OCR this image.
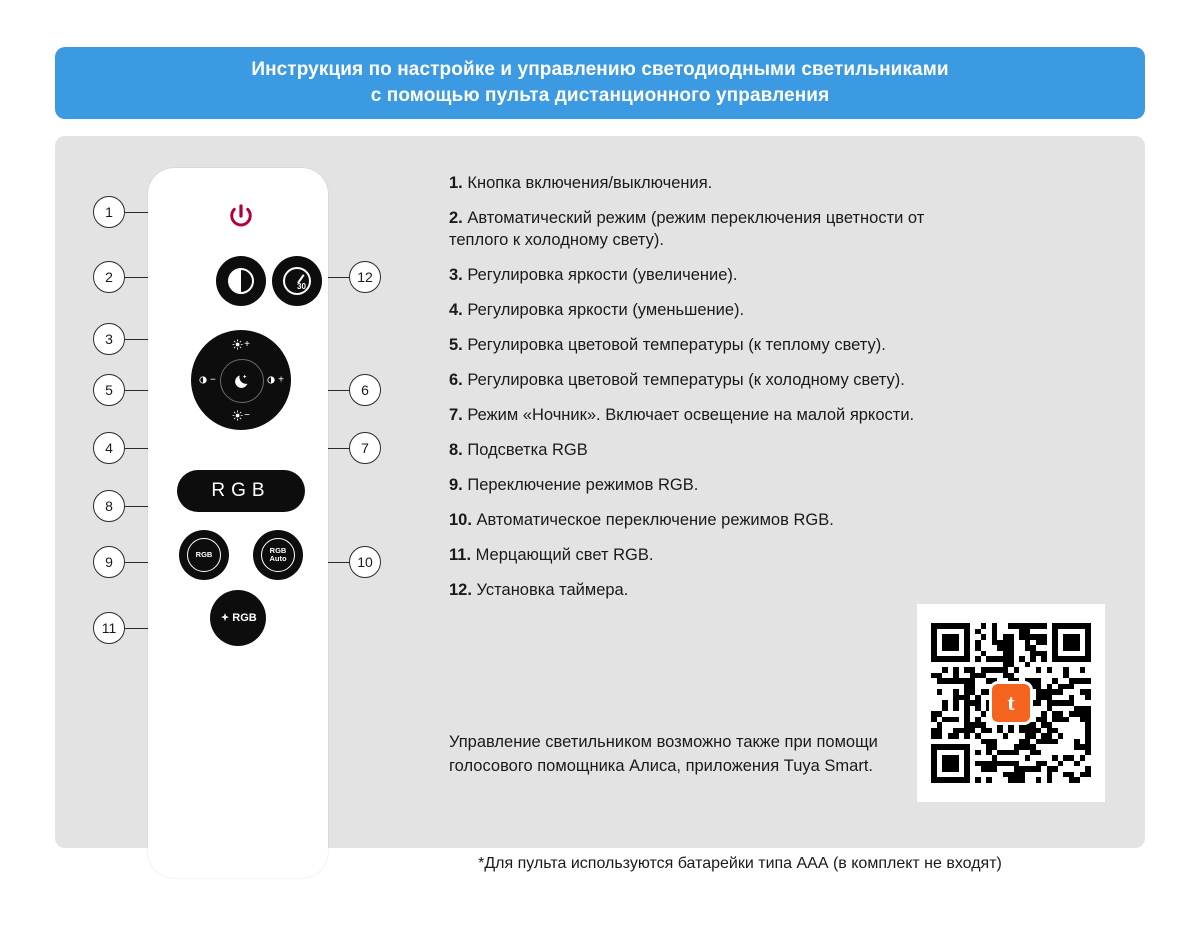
Инструкция по настройке и управлению светодиодными светильниками
с помощью пульта дистанционного управления
30
+
−
−	+
RGB
RGB	RGB
Auto
RGB
1
2
3
4
5	6
7
8
9	10
11
12
1. Кнопка включения/выключения.
2. Автоматический режим (режим переключения цветности от теплого к холодному свету).
3. Регулировка яркости (увеличение).
4. Регулировка яркости (уменьшение).
5. Регулировка цветовой температуры (к теплому свету).
6. Регулировка цветовой температуры (к холодному свету).
7. Режим «Ночник». Включает освещение на малой яркости.
8. Подсветка RGB
9. Переключение режимов RGB.
10. Автоматическое переключение режимов RGB.
11. Мерцающий свет RGB.
12. Установка таймера.
Управление светильником возможно также при помощи голосового помощника Алиса, приложения Tuya Smart.
t
*Для пульта используются батарейки типа ААА (в комплект не входят)
